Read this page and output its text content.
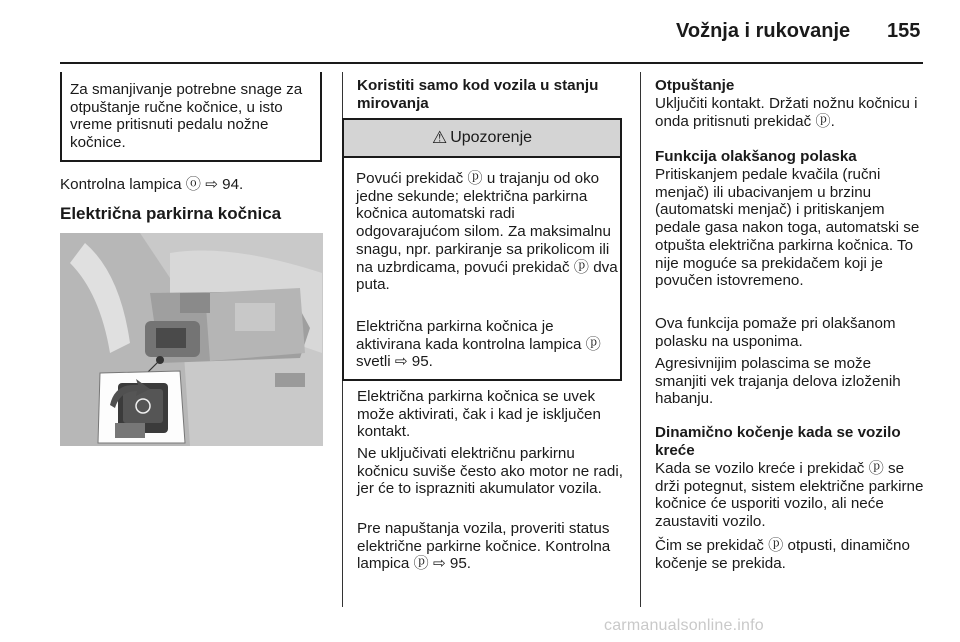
Vožnja i rukovanje 155
Za smanjivanje potrebne snage za otpuštanje ručne kočnice, u isto vreme pritisnuti pedalu nožne kočnice.

Kontrolna lampica ⓞ ⇨ 94.

Električna parkirna kočnica

Koristiti samo kod vozila u stanju mirovanja

⚠ Upozorenje

Povući prekidač ⓟ u trajanju od oko jedne sekunde; električna parkirna kočnica automatski radi odgovarajućom silom. Za maksimalnu snagu, npr. parkiranje sa prikolicom ili na uzbrdicama, povući prekidač ⓟ dva puta.

Električna parkirna kočnica je aktivirana kada kontrolna lampica ⓟ svetli ⇨ 95.

Električna parkirna kočnica se uvek može aktivirati, čak i kad je isključen kontakt.

Ne uključivati električnu parkirnu kočnicu suviše često ako motor ne radi, jer će to isprazniti akumulator vozila.

Pre napuštanja vozila, proveriti status električne parkirne kočnice. Kontrolna lampica ⓟ ⇨ 95.

Otpuštanje

Uključiti kontakt. Držati nožnu kočnicu i onda pritisnuti prekidač ⓟ.

Funkcija olakšanog polaska

Pritiskanjem pedale kvačila (ručni menjač) ili ubacivanjem u brzinu (automatski menjač) i pritiskanjem pedale gasa nakon toga, automatski se otpušta električna parkirna kočnica. To nije moguće sa prekidačem koji je povučen istovremeno.

Ova funkcija pomaže pri olakšanom polasku na usponima.

Agresivnijim polascima se može smanjiti vek trajanja delova izloženih habanju.

Dinamično kočenje kada se vozilo kreće

Kada se vozilo kreće i prekidač ⓟ se drži potegnut, sistem električne parkirne kočnice će usporiti vozilo, ali neće zaustaviti vozilo.

Čim se prekidač ⓟ otpusti, dinamično kočenje se prekida.

carmanualsonline.info
